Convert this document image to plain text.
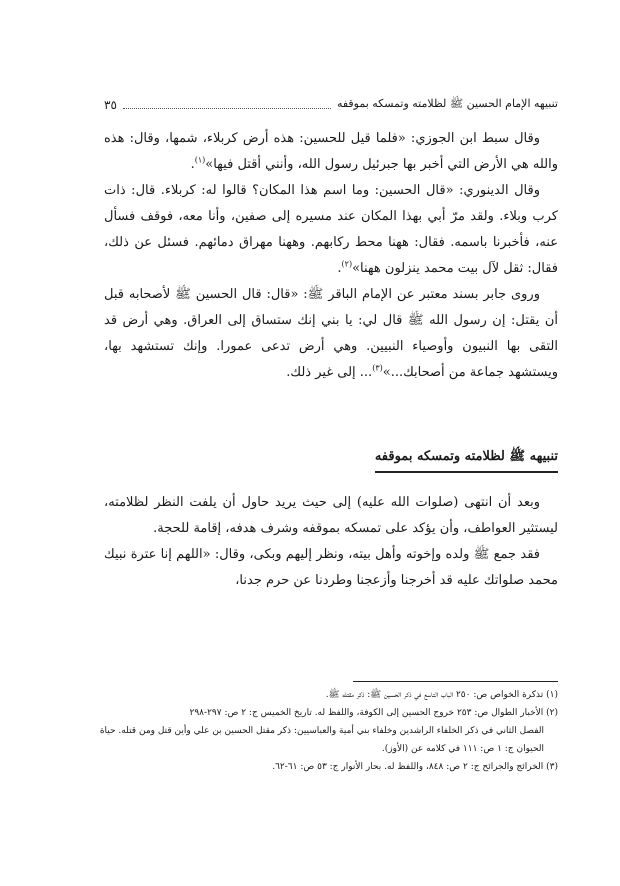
تنبيهه الإمام الحسين ﷺ لظلامته وتمسكه بموقفه
٣٥

وقال سبط ابن الجوزي: «فلما قيل للحسين: هذه أرض كربلاء، شمها، وقال: هذه والله هي الأرض التي أخبر بها جبرئيل رسول الله، وأنني أقتل فيها»$^{(١)}$.

وقال الدينوري: «قال الحسين: وما اسم هذا المكان؟ قالوا له: كربلاء. قال: ذات كرب وبلاء. ولقد مرّ أبي بهذا المكان عند مسيره إلى صفين، وأنا معه، فوقف فسأل عنه، فأخبرنا باسمه. فقال: ههنا محط ركابهم. وههنا مهراق دمائهم. فسئل عن ذلك، فقال: ثقل لآل بيت محمد ينزلون ههنا»$^{(٢)}$.

وروى جابر بسند معتبر عن الإمام الباقر ﷺ: «قال: قال الحسين ﷺ لأصحابه قبل أن يقتل: إن رسول الله ﷺ قال لي: يا بني إنك ستساق إلى العراق. وهي أرض قد التقى بها النبيون وأوصياء النبيين. وهي أرض تدعى عمورا. وإنك تستشهد بها، ويستشهد جماعة من أصحابك...»$^{(٣)}$... إلى غير ذلك.

تنبيهه ﷺ لظلامته وتمسكه بموقفه

وبعد أن انتهى (صلوات الله عليه) إلى حيث يريد حاول أن يلفت النظر لظلامته، ليستثير العواطف، وأن يؤكد على تمسكه بموقفه وشرف هدفه، إقامة للحجة.

فقد جمع ﷺ ولده وإخوته وأهل بيته، ونظر إليهم وبكى، وقال: «اللهم إنا عترة نبيك محمد صلواتك عليه قد أخرجنا وأزعجنا وطردنا عن حرم جدنا،

(١) تذكرة الخواص ص: ٢٥٠ الباب التاسع في ذكر الحسين ﷺ: ذكر مقتله ﷺ.

(٢) الأخبار الطوال ص: ٢٥٣ خروج الحسين إلى الكوفة، واللفظ له. تاريخ الخميس ج: ٢ ص: ٢٩٧-٢٩٨

الفصل الثاني في ذكر الخلفاء الراشدين وخلفاء بني أمية والعباسيين: ذكر مقتل الحسين بن علي وأين قتل ومن قتله. حياة الحيوان ج: ١ ص: ١١١ في كلامه عن (الأوز).

(٣) الخرائج والجرائح ج: ٢ ص: ٨٤٨، واللفظ له. بحار الأنوار ج: ٥٣ ص: ٦١-٦٢.
